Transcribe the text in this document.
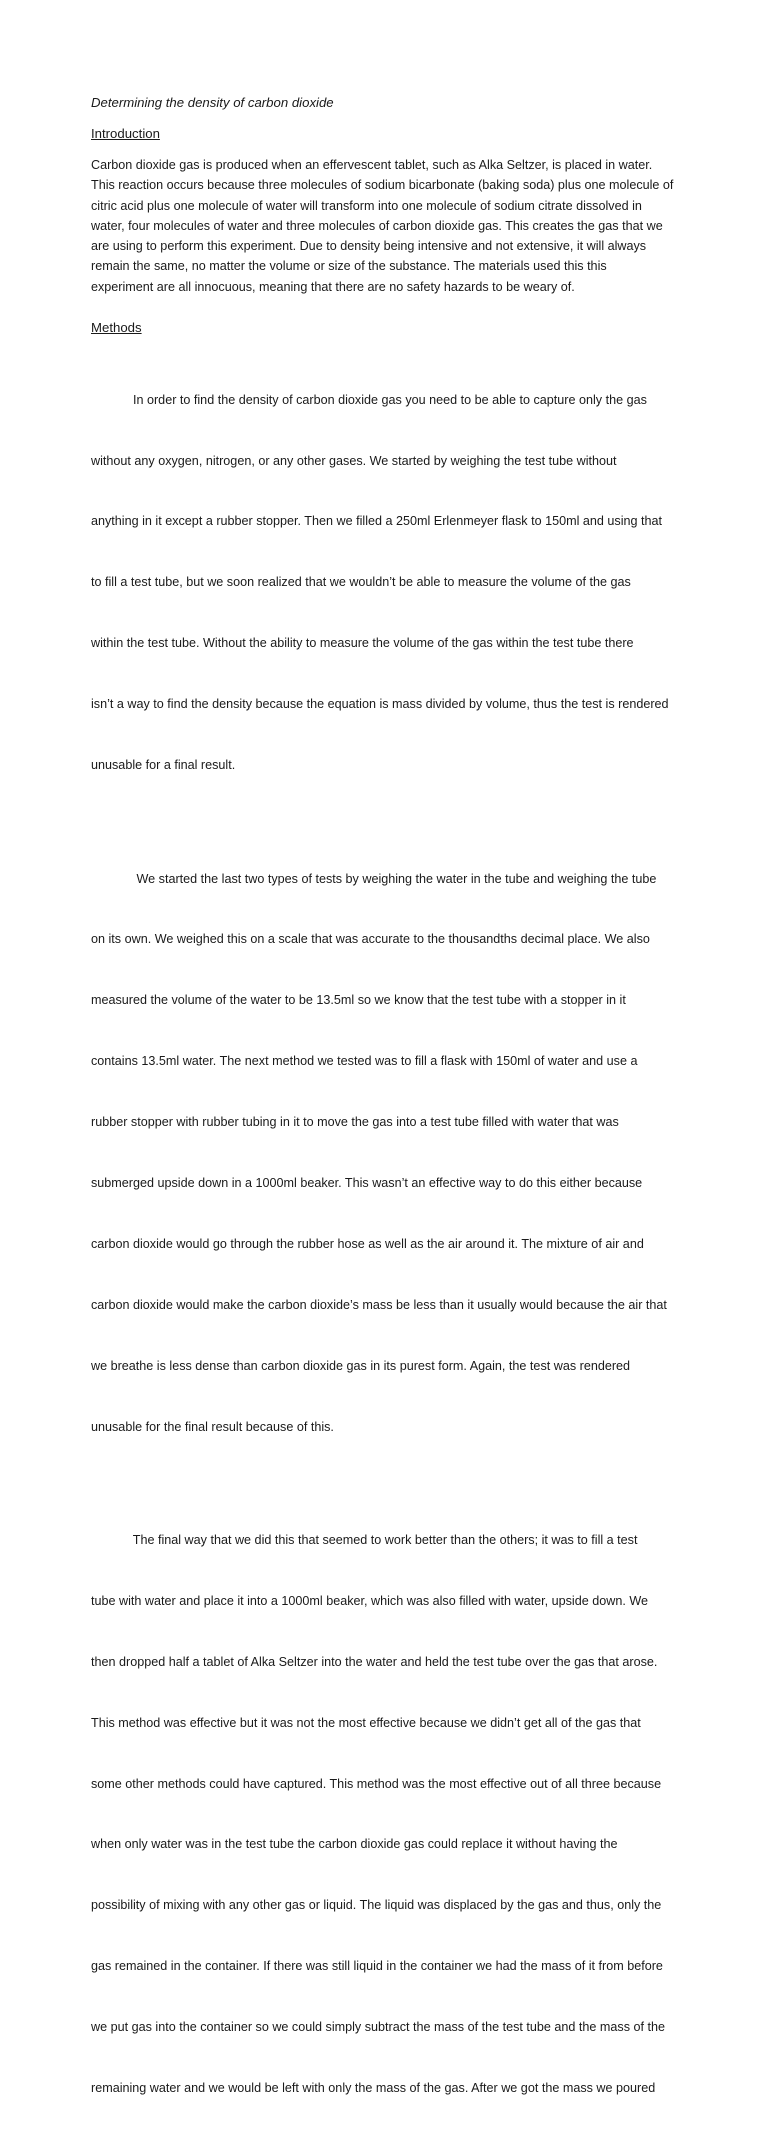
Determining the density of carbon dioxide
Introduction
Carbon dioxide gas is produced when an effervescent tablet, such as Alka Seltzer, is placed in water.
This reaction occurs because three molecules of sodium bicarbonate (baking soda) plus one molecule of
citric acid plus one molecule of water will transform into one molecule of sodium citrate dissolved in
water, four molecules of water and three molecules of carbon dioxide gas. This creates the gas that we
are using to perform this experiment. Due to density being intensive and not extensive, it will always
remain the same, no matter the volume or size of the substance. The materials used this this
experiment are all innocuous, meaning that there are no safety hazards to be weary of.
Methods

In order to find the density of carbon dioxide gas you need to be able to capture only the gas

without any oxygen, nitrogen, or any other gases. We started by weighing the test tube without

anything in it except a rubber stopper. Then we filled a 250ml Erlenmeyer flask to 150ml and using that

to fill a test tube, but we soon realized that we wouldn’t be able to measure the volume of the gas

within the test tube. Without the ability to measure the volume of the gas within the test tube there

isn’t a way to find the density because the equation is mass divided by volume, thus the test is rendered

unusable for a final result.

We started the last two types of tests by weighing the water in the tube and weighing the tube

on its own. We weighed this on a scale that was accurate to the thousandths decimal place. We also

measured the volume of the water to be 13.5ml so we know that the test tube with a stopper in it

contains 13.5ml water. The next method we tested was to fill a flask with 150ml of water and use a

rubber stopper with rubber tubing in it to move the gas into a test tube filled with water that was

submerged upside down in a 1000ml beaker. This wasn’t an effective way to do this either because

carbon dioxide would go through the rubber hose as well as the air around it. The mixture of air and

carbon dioxide would make the carbon dioxide’s mass be less than it usually would because the air that

we breathe is less dense than carbon dioxide gas in its purest form. Again, the test was rendered

unusable for the final result because of this.

The final way that we did this that seemed to work better than the others; it was to fill a test

tube with water and place it into a 1000ml beaker, which was also filled with water, upside down. We

then dropped half a tablet of Alka Seltzer into the water and held the test tube over the gas that arose.

This method was effective but it was not the most effective because we didn’t get all of the gas that

some other methods could have captured. This method was the most effective out of all three because

when only water was in the test tube the carbon dioxide gas could replace it without having the

possibility of mixing with any other gas or liquid. The liquid was displaced by the gas and thus, only the

gas remained in the container. If there was still liquid in the container we had the mass of it from before

we put gas into the container so we could simply subtract the mass of the test tube and the mass of the

remaining water and we would be left with only the mass of the gas. After we got the mass we poured
